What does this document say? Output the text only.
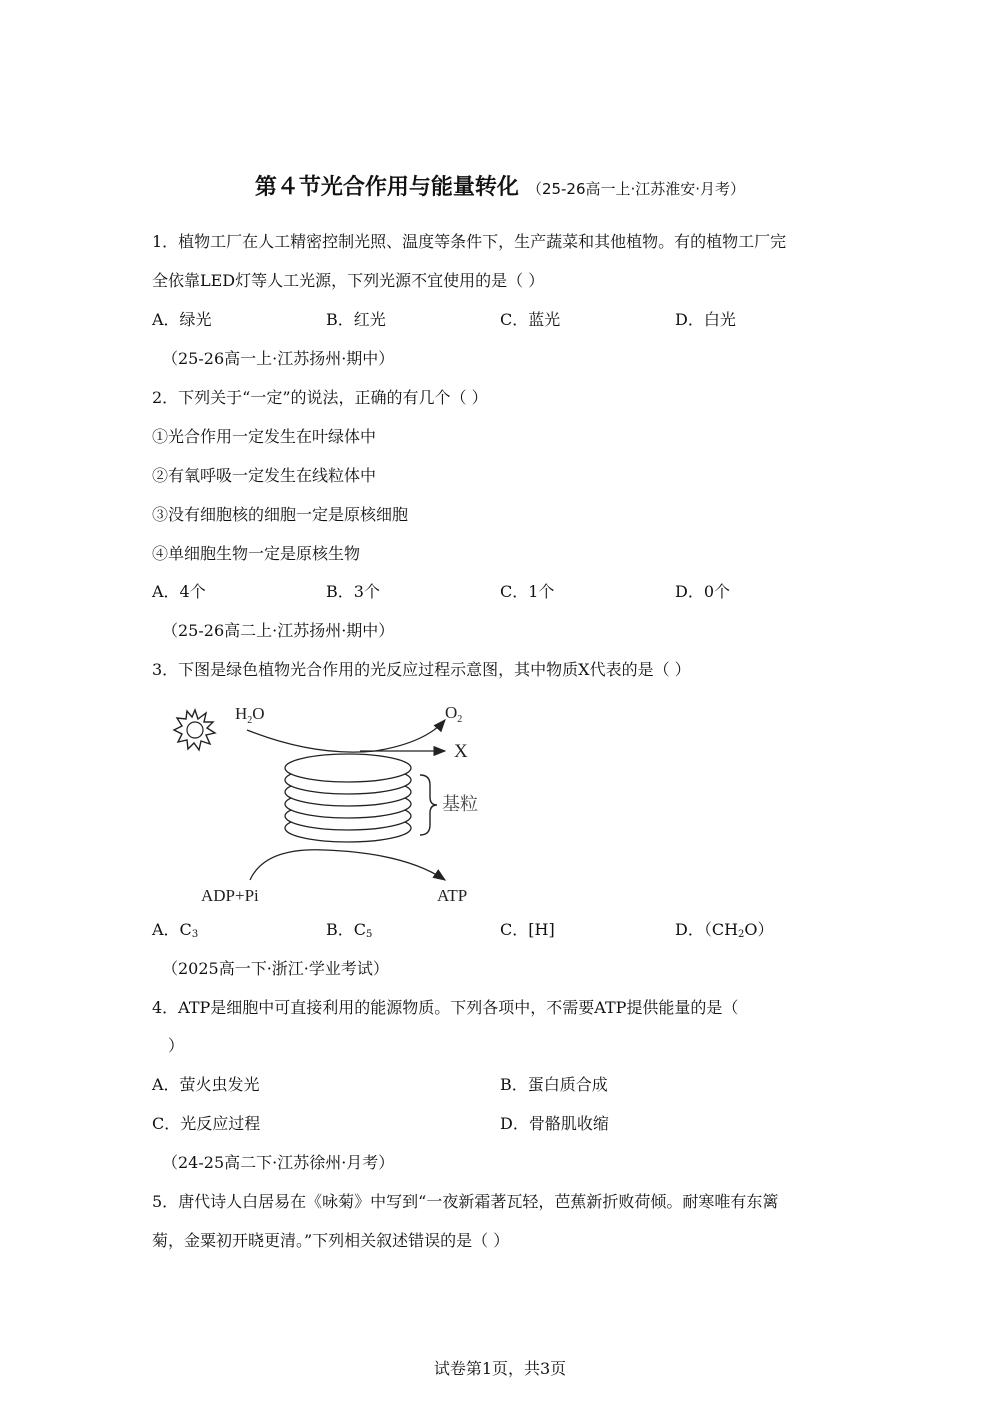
第４节光合作用与能量转化 （25-26高一上·江苏淮安·月考）
1．植物工厂在人工精密控制光照、温度等条件下，生产蔬菜和其他植物。有的植物工厂完
全依靠LED灯等人工光源，下列光源不宜使用的是（ ）
A．绿光	B．红光	C．蓝光	D．白光
（25-26高一上·江苏扬州·期中）
2．下列关于“一定”的说法，正确的有几个（ ）
①光合作用一定发生在叶绿体中
②有氧呼吸一定发生在线粒体中
③没有细胞核的细胞一定是原核细胞
④单细胞生物一定是原核生物
A．4个	B．3个	C．1个	D．0个
（25-26高二上·江苏扬州·期中）
3．下图是绿色植物光合作用的光反应过程示意图，其中物质X代表的是（ ）
$H_2O$	$O_2$
X
基粒
ADP+Pi	ATP
A．$C_3$	B．$C_5$	C．[H]	D．$(CH_2O)$
（2025高一下·浙江·学业考试）
4．ATP是细胞中可直接利用的能源物质。下列各项中，不需要ATP提供能量的是（
）
A．萤火虫发光	B．蛋白质合成
C．光反应过程	D．骨骼肌收缩
（24-25高二下·江苏徐州·月考）
5．唐代诗人白居易在《咏菊》中写到“一夜新霜著瓦轻，芭蕉新折败荷倾。耐寒唯有东篱
菊，金粟初开晓更清。”下列相关叙述错误的是（ ）
试卷第1页，共3页
